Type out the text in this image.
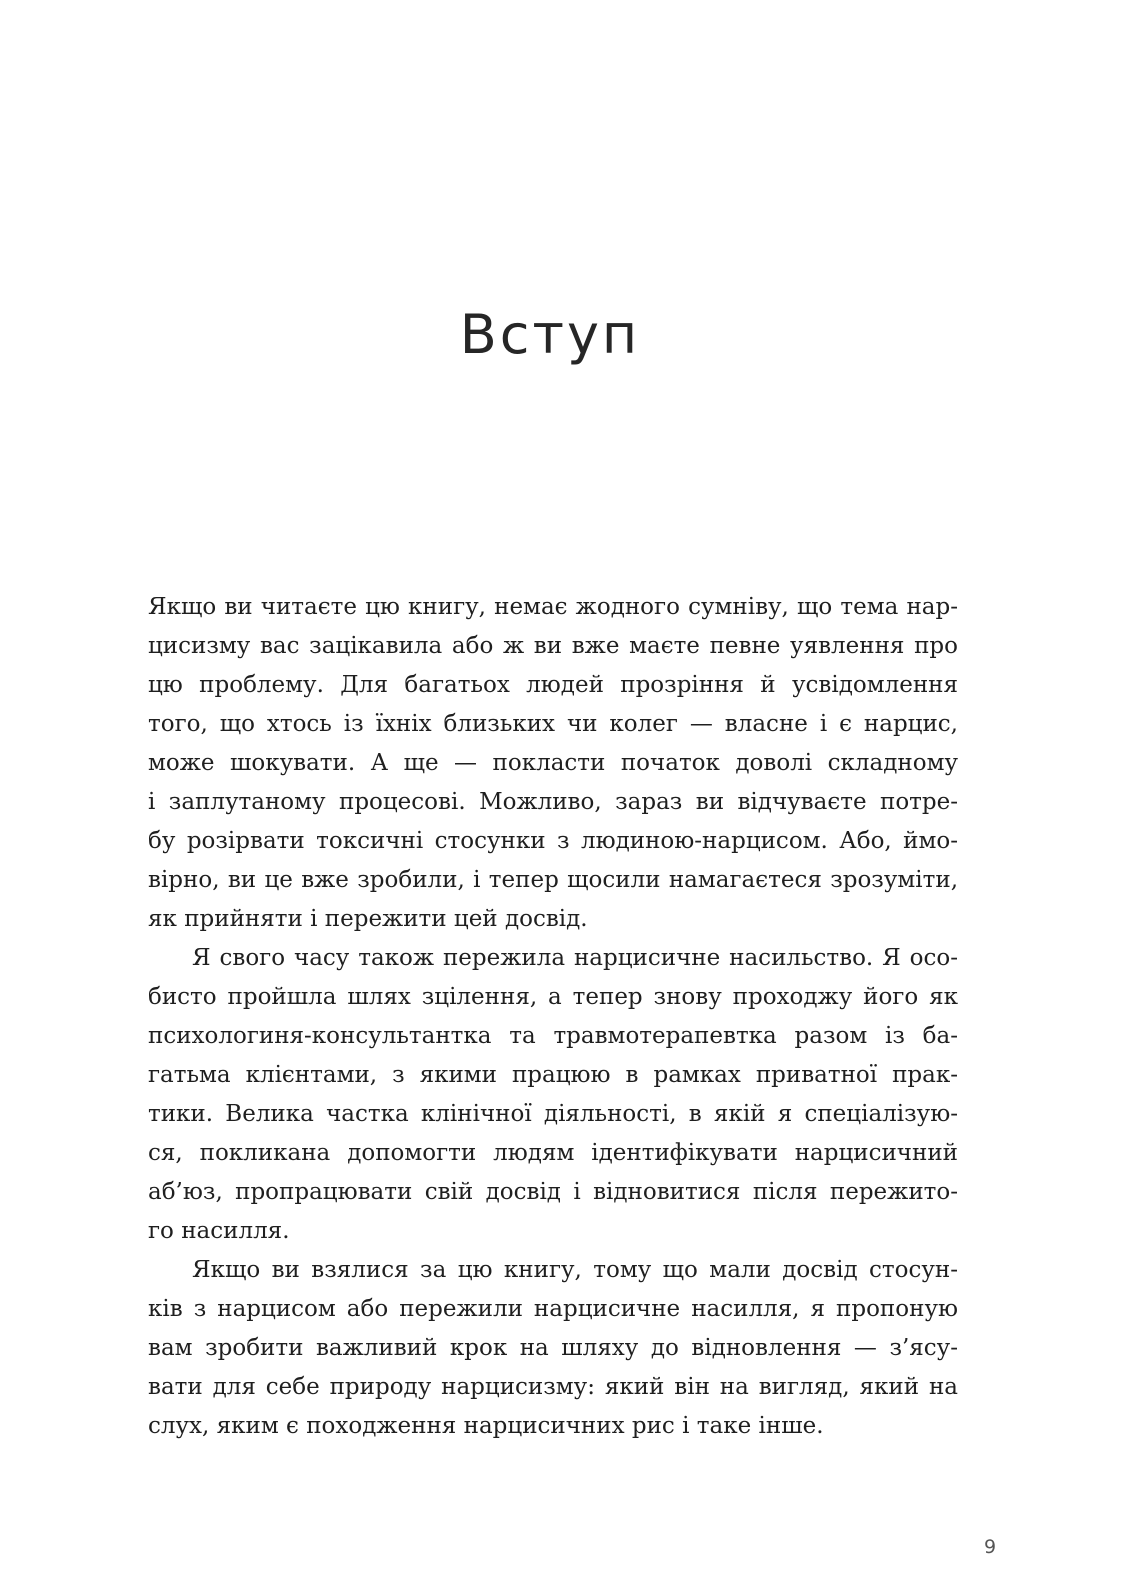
Вступ
Якщо ви читаєте цю книгу, немає жодного сумніву, що тема нар-
цисизму вас зацікавила або ж ви вже маєте певне уявлення про
цю проблему. Для багатьох людей прозріння й усвідомлення
того, що хтось із їхніх близьких чи колег — власне і є нарцис,
може шокувати. А ще — покласти початок доволі складному
і заплутаному процесові. Можливо, зараз ви відчуваєте потре-
бу розірвати токсичні стосунки з людиною-нарцисом. Або, ймо-
вірно, ви це вже зробили, і тепер щосили намагаєтеся зрозуміти,
як прийняти і пережити цей досвід.
Я свого часу також пережила нарцисичне насильство. Я осо-
бисто пройшла шлях зцілення, а тепер знову проходжу його як
психологиня-консультантка та травмотерапевтка разом із ба-
гатьма клієнтами, з якими працюю в рамках приватної прак-
тики. Велика частка клінічної діяльності, в якій я спеціалізую-
ся, покликана допомогти людям ідентифікувати нарцисичний
аб’юз, пропрацювати свій досвід і відновитися після пережито-
го насилля.
Якщо ви взялися за цю книгу, тому що мали досвід стосун-
ків з нарцисом або пережили нарцисичне насилля, я пропоную
вам зробити важливий крок на шляху до відновлення — з’ясу-
вати для себе природу нарцисизму: який він на вигляд, який на
слух, яким є походження нарцисичних рис і таке інше.
9
